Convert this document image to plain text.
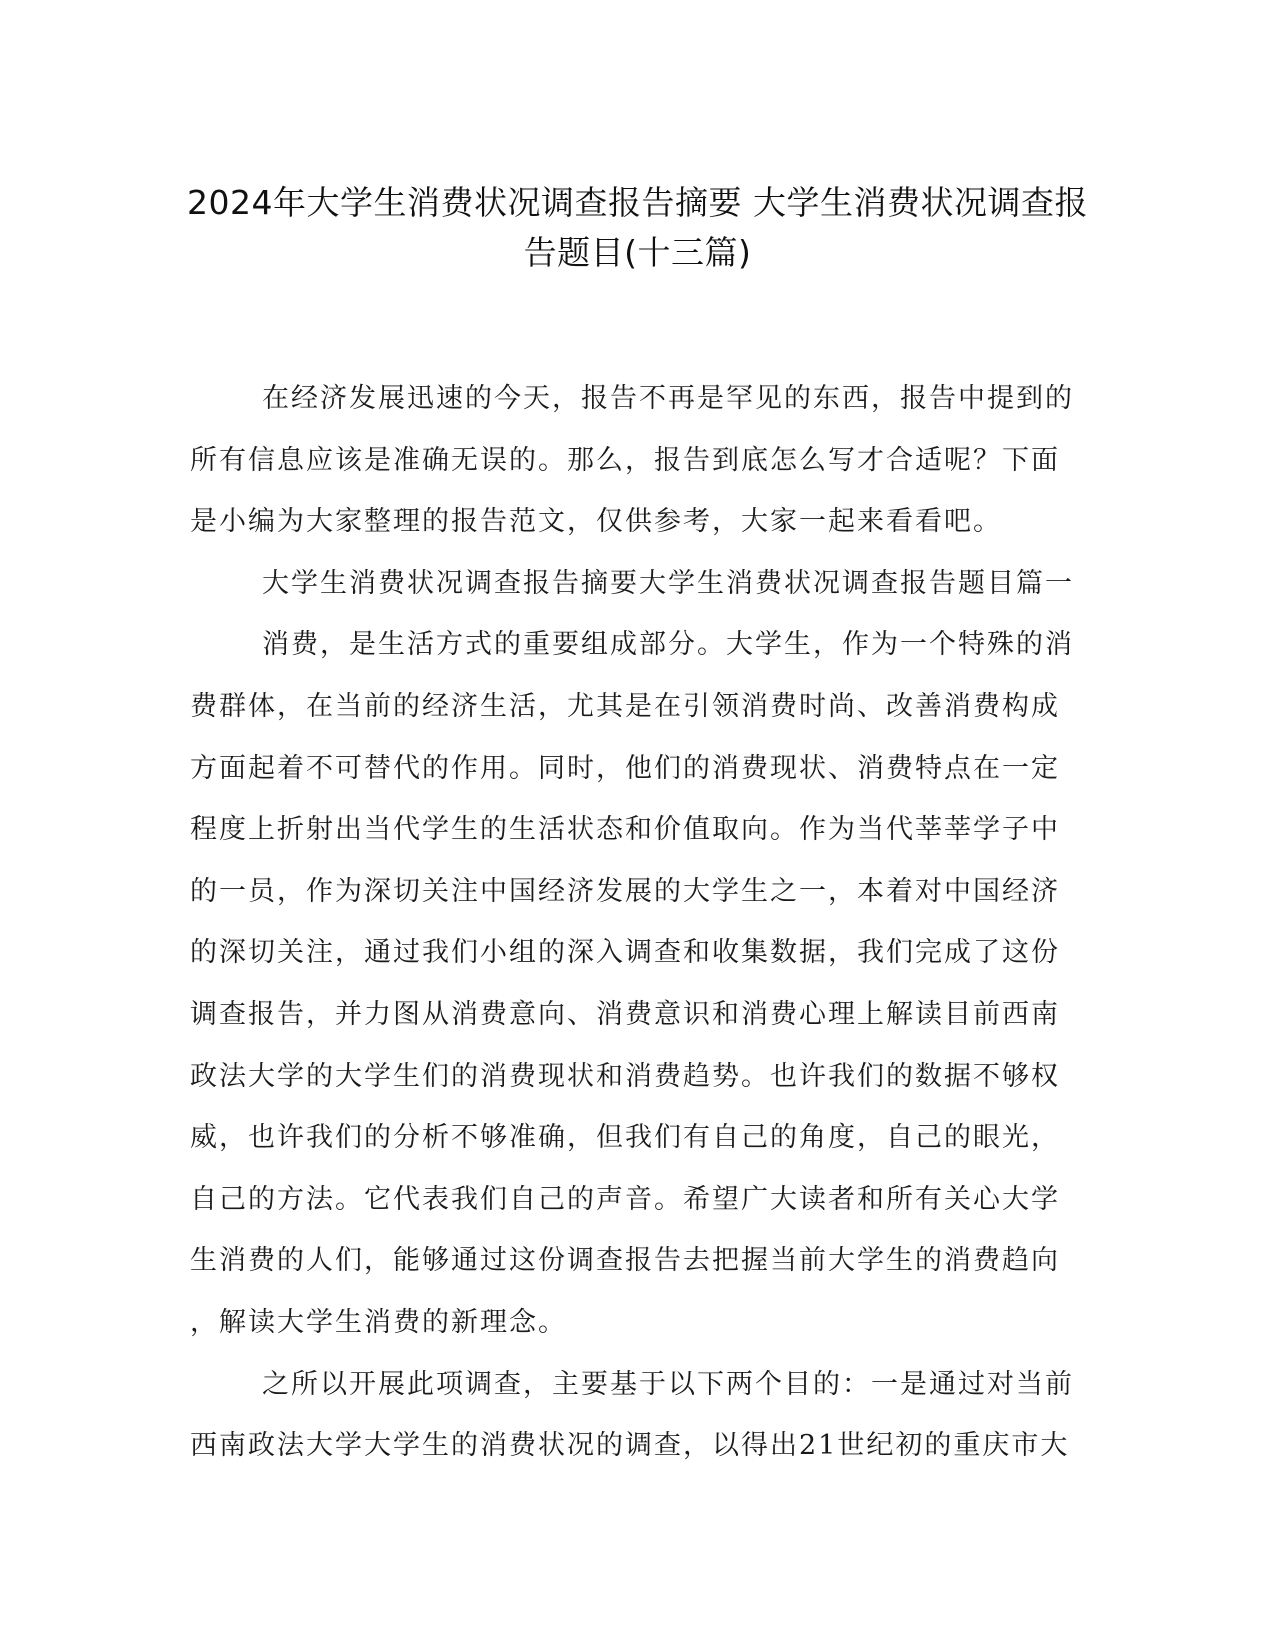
2024年大学生消费状况调查报告摘要 大学生消费状况调查报
告题目(十三篇)
在经济发展迅速的今天，报告不再是罕见的东西，报告中提到的
所有信息应该是准确无误的。那么，报告到底怎么写才合适呢？下面
是小编为大家整理的报告范文，仅供参考，大家一起来看看吧。
大学生消费状况调查报告摘要大学生消费状况调查报告题目篇一
消费，是生活方式的重要组成部分。大学生，作为一个特殊的消
费群体，在当前的经济生活，尤其是在引领消费时尚、改善消费构成
方面起着不可替代的作用。同时，他们的消费现状、消费特点在一定
程度上折射出当代学生的生活状态和价值取向。作为当代莘莘学子中
的一员，作为深切关注中国经济发展的大学生之一，本着对中国经济
的深切关注，通过我们小组的深入调查和收集数据，我们完成了这份
调查报告，并力图从消费意向、消费意识和消费心理上解读目前西南
政法大学的大学生们的消费现状和消费趋势。也许我们的数据不够权
威，也许我们的分析不够准确，但我们有自己的角度，自己的眼光，
自己的方法。它代表我们自己的声音。希望广大读者和所有关心大学
生消费的人们，能够通过这份调查报告去把握当前大学生的消费趋向
，解读大学生消费的新理念。
之所以开展此项调查，主要基于以下两个目的：一是通过对当前
西南政法大学大学生的消费状况的调查，以得出21世纪初的重庆市大
